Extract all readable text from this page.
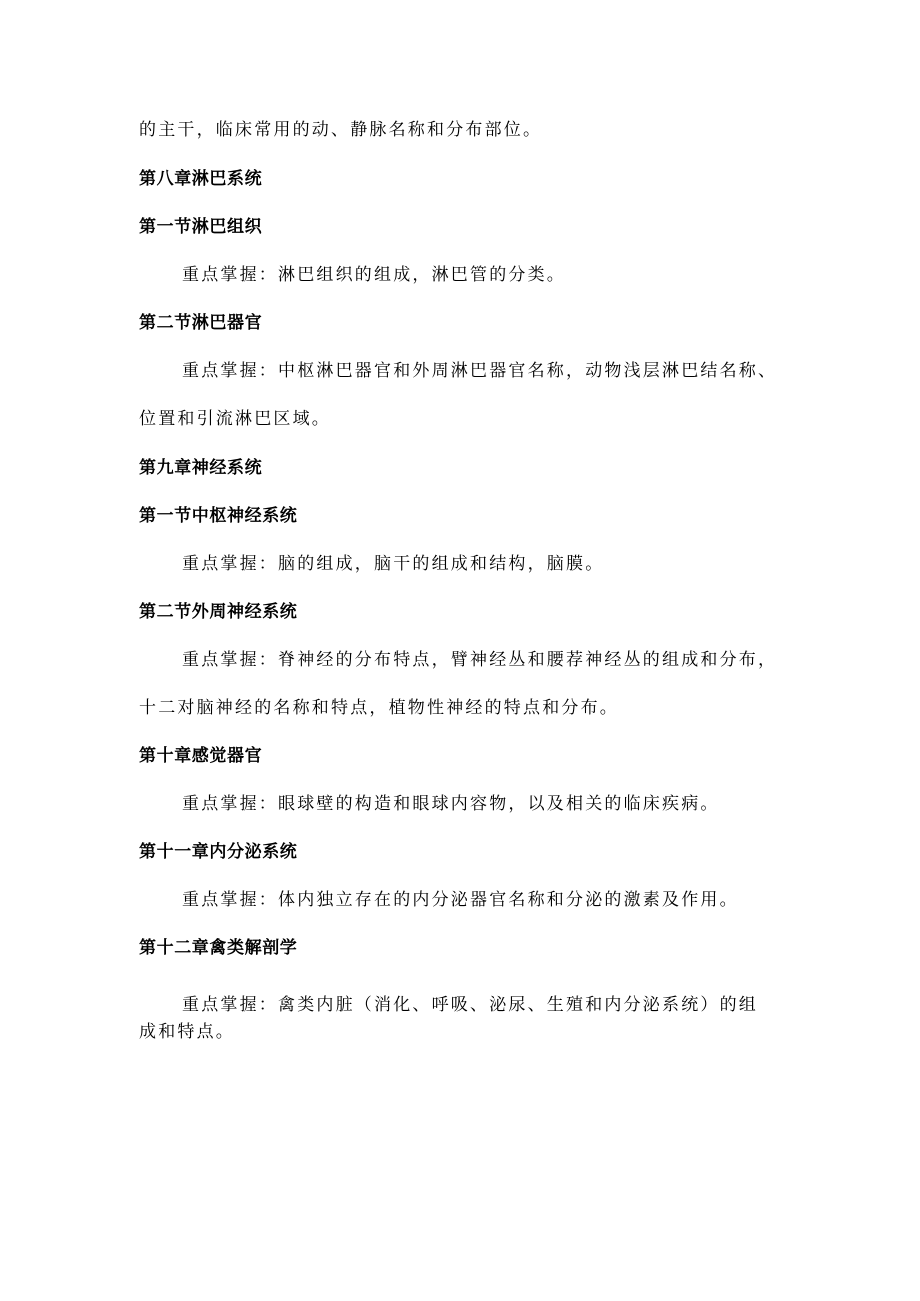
的主干，临床常用的动、静脉名称和分布部位。
第八章淋巴系统
第一节淋巴组织
重点掌握：淋巴组织的组成，淋巴管的分类。
第二节淋巴器官
重点掌握：中枢淋巴器官和外周淋巴器官名称，动物浅层淋巴结名称、
位置和引流淋巴区域。
第九章神经系统
第一节中枢神经系统
重点掌握：脑的组成，脑干的组成和结构，脑膜。
第二节外周神经系统
重点掌握：脊神经的分布特点，臂神经丛和腰荐神经丛的组成和分布，
十二对脑神经的名称和特点，植物性神经的特点和分布。
第十章感觉器官
重点掌握：眼球壁的构造和眼球内容物，以及相关的临床疾病。
第十一章内分泌系统
重点掌握：体内独立存在的内分泌器官名称和分泌的激素及作用。
第十二章禽类解剖学
重点掌握：禽类内脏（消化、呼吸、泌尿、生殖和内分泌系统）的组
成和特点。
